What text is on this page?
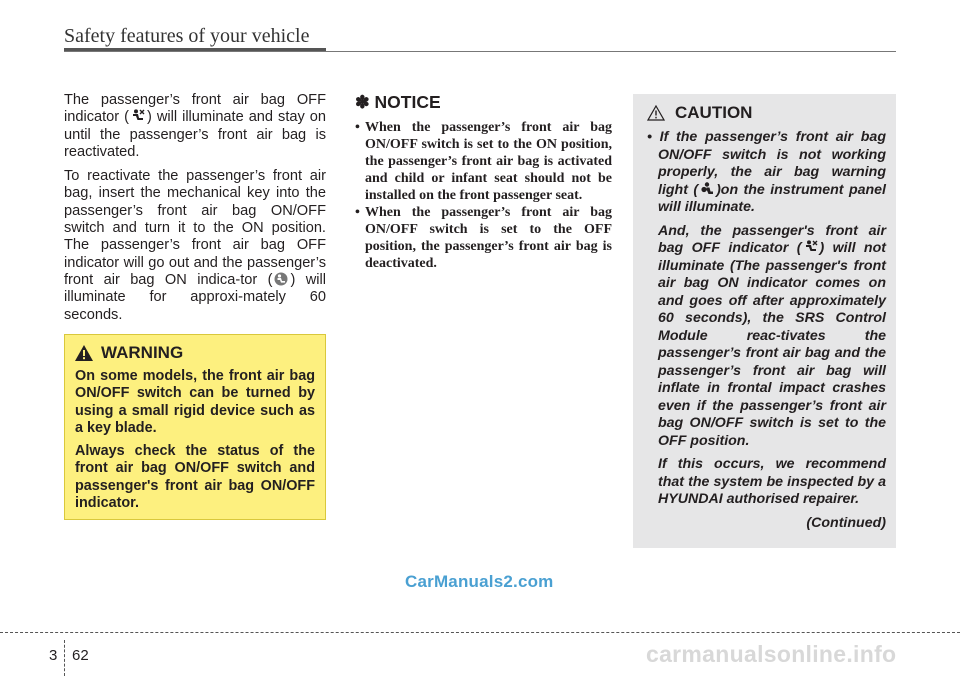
Safety features of your vehicle

The passenger’s front air bag OFF indicator ( ) will illuminate and stay on until the passenger’s front air bag is reactivated.

To reactivate the passenger’s front air bag, insert the mechanical key into the passenger’s front air bag ON/OFF switch and turn it to the ON position. The passenger’s front air bag OFF indicator will go out and the passenger’s front air bag ON indica-tor ( ) will illuminate for approxi-mately 60 seconds.

WARNING

On some models, the front air bag ON/OFF switch can be turned by using a small rigid device such as a key blade.

Always check the status of the front air bag ON/OFF switch and passenger's front air bag ON/OFF indicator.

✽ NOTICE
• When the passenger’s front air bag ON/OFF switch is set to the ON position, the passenger’s front air bag is activated and child or infant seat should not be installed on the front passenger seat.
• When the passenger’s front air bag ON/OFF switch is set to the OFF position, the passenger’s front air bag is deactivated.
CAUTION

• If the passenger’s front air bag ON/OFF switch is not working properly, the air bag warning light ( )on the instrument panel will illuminate.

And, the passenger's front air bag OFF indicator ( ) will not illuminate (The passenger's front air bag ON indicator comes on and goes off after approximately 60 seconds), the SRS Control Module reac-tivates the passenger’s front air bag and the passenger’s front air bag will inflate in frontal impact crashes even if the passenger’s front air bag ON/OFF switch is set to the OFF position.

If this occurs, we recommend that the system be inspected by a HYUNDAI authorised repairer.

(Continued)

CarManuals2.com
3 62	carmanualsonline.info
